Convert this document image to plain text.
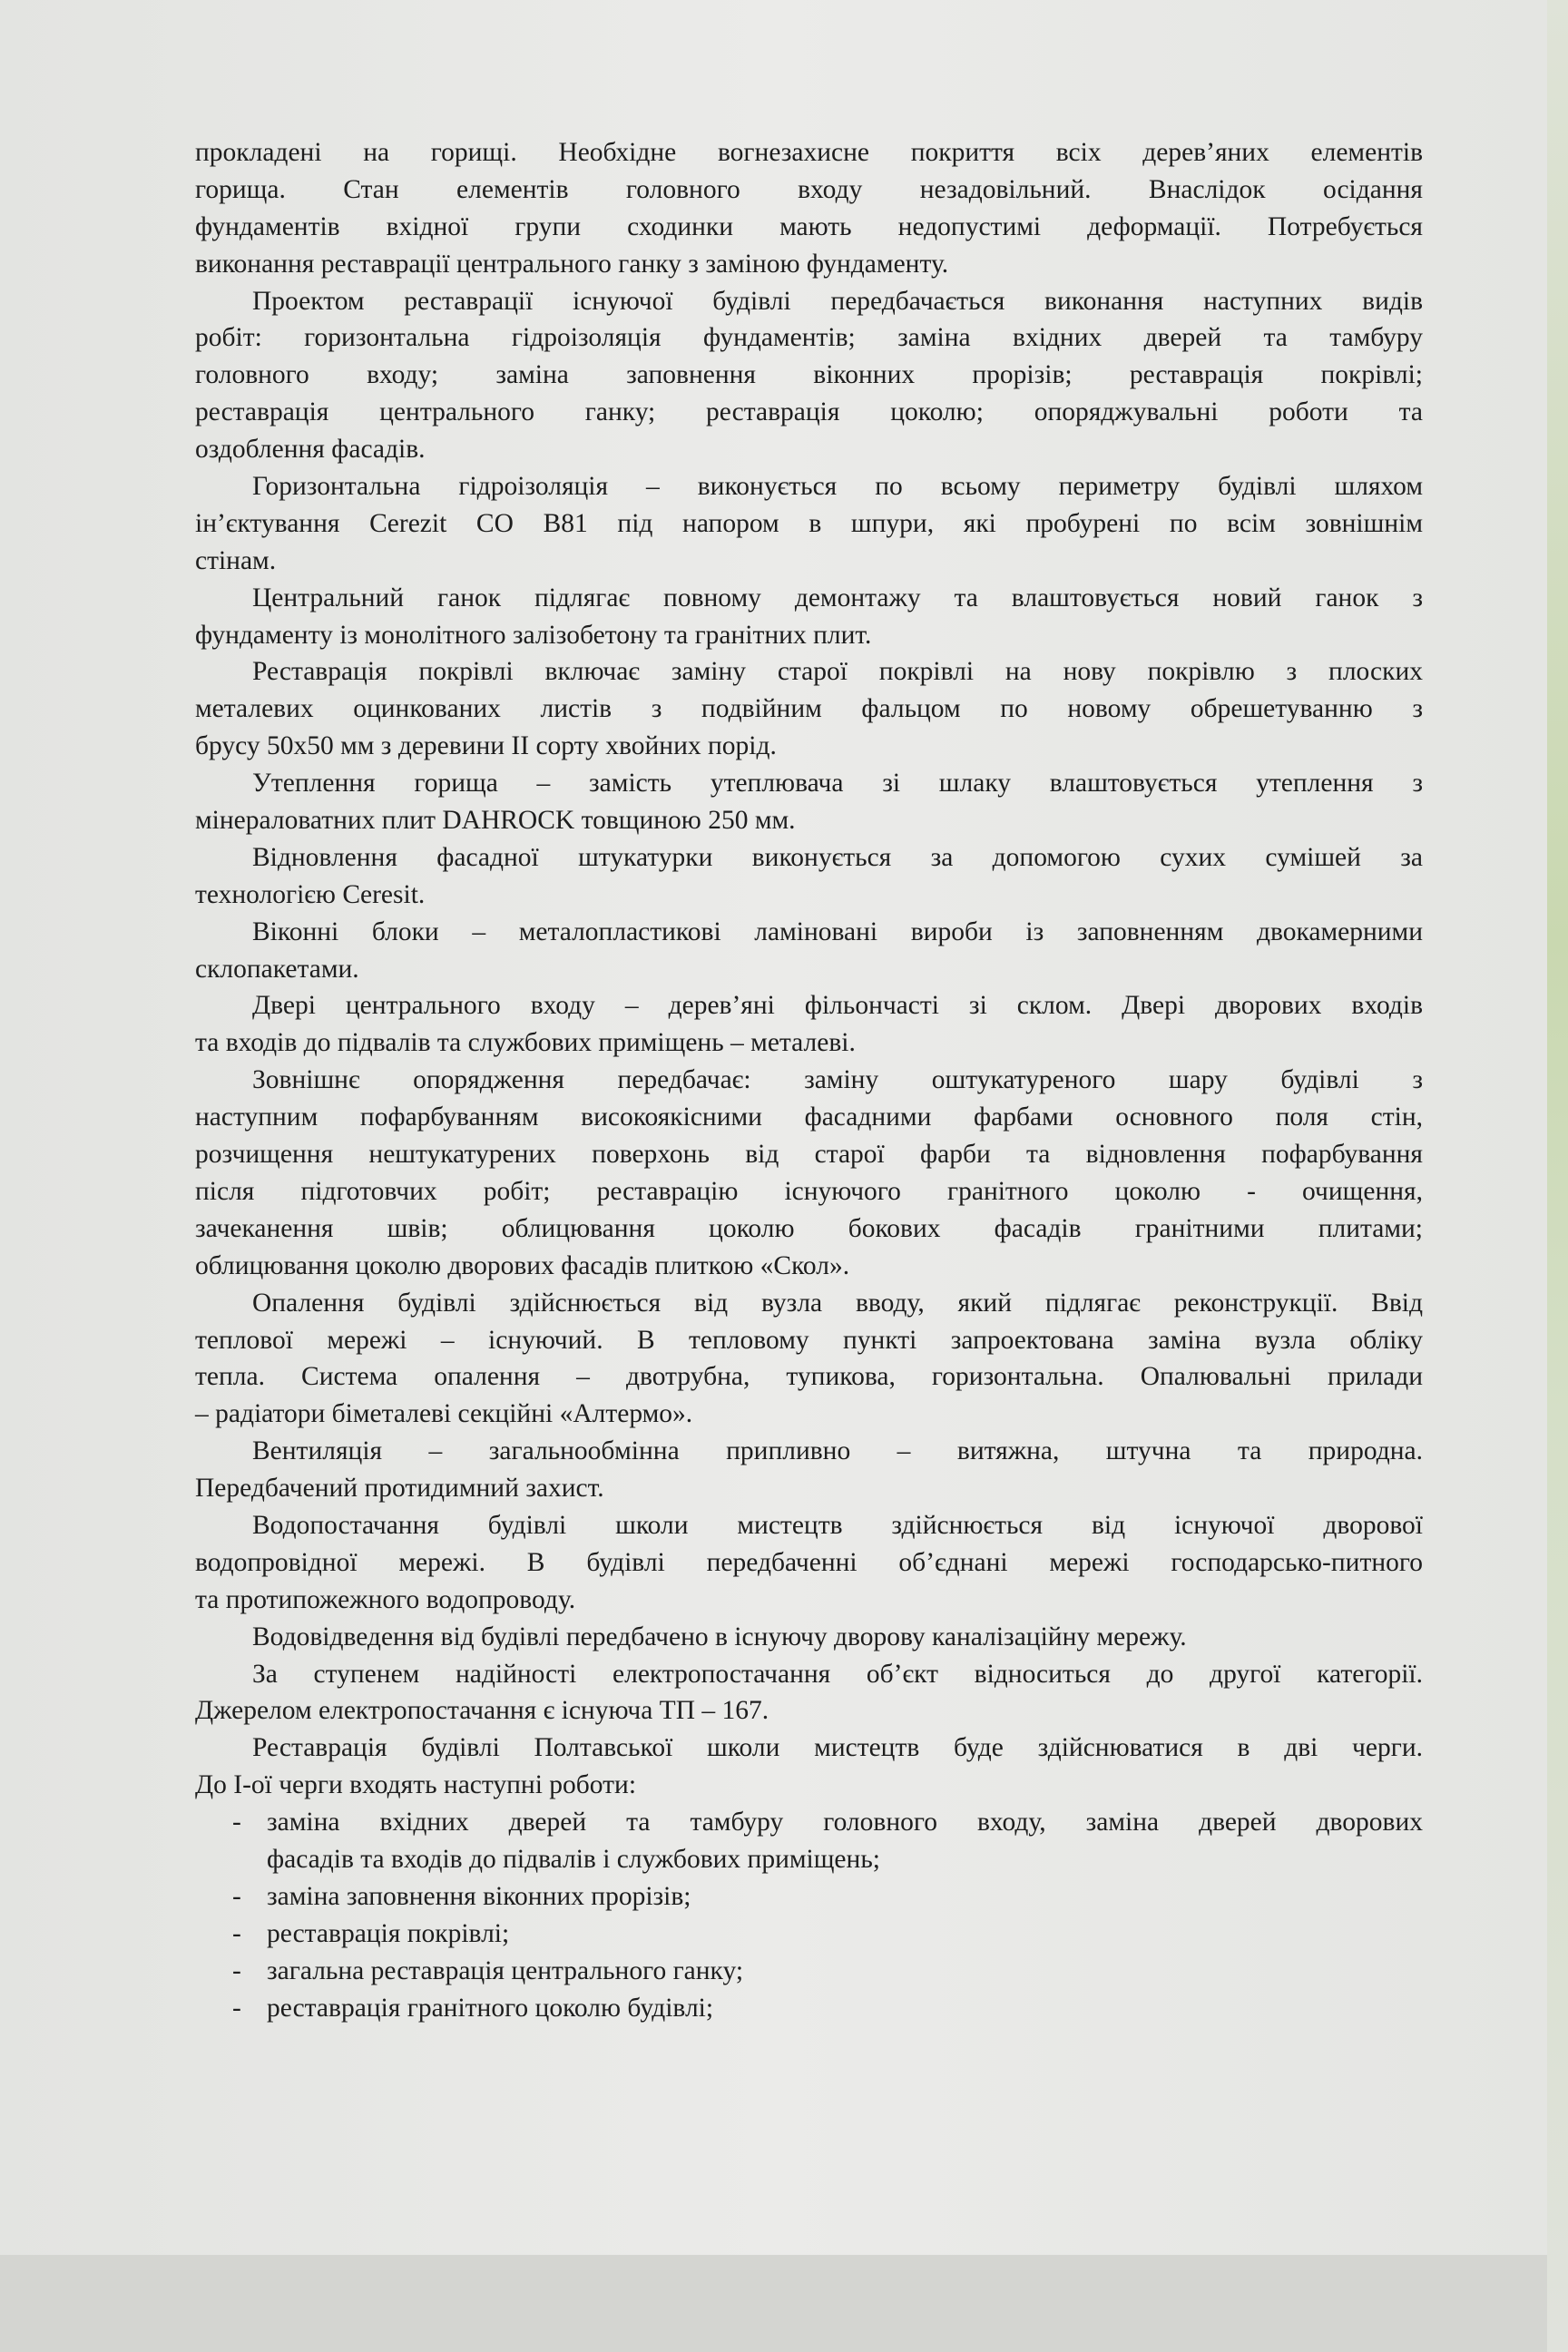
прокладені на горищі. Необхідне вогнезахисне покриття всіх дерев’яних елементів
горища. Стан елементів головного входу незадовільний. Внаслідок осідання
фундаментів вхідної групи сходинки мають недопустимі деформації. Потребується
виконання реставрації центрального ганку з заміною фундаменту.
Проектом реставрації існуючої будівлі передбачається виконання наступних видів
робіт: горизонтальна гідроізоляція фундаментів; заміна вхідних дверей та тамбуру
головного входу; заміна заповнення віконних прорізів; реставрація покрівлі;
реставрація центрального ганку; реставрація цоколю; опоряджувальні роботи та
оздоблення фасадів.
Горизонтальна гідроізоляція – виконується по всьому периметру будівлі шляхом
ін’єктування Cerezit CO B81 під напором в шпури, які пробурені по всім зовнішнім
стінам.
Центральний ганок підлягає повному демонтажу та влаштовується новий ганок з
фундаменту із монолітного залізобетону та гранітних плит.
Реставрація покрівлі включає заміну старої покрівлі на нову покрівлю з плоских
металевих оцинкованих листів з подвійним фальцом по новому обрешетуванню з
брусу 50х50 мм з деревини II сорту хвойних порід.
Утеплення горища – замість утеплювача зі шлаку влаштовується утеплення з
мінераловатних плит DAHROCK товщиною 250 мм.
Відновлення фасадної штукатурки виконується за допомогою сухих сумішей за
технологією Ceresit.
Віконні блоки – металопластикові ламіновані вироби із заповненням двокамерними
склопакетами.
Двері центрального входу – дерев’яні фільончасті зі склом. Двері дворових входів
та входів до підвалів та службових приміщень – металеві.
Зовнішнє опорядження передбачає: заміну оштукатуреного шару будівлі з
наступним пофарбуванням високоякісними фасадними фарбами основного поля стін,
розчищення нештукатурених поверхонь від старої фарби та відновлення пофарбування
після підготовчих робіт; реставрацію існуючого гранітного цоколю - очищення,
зачеканення швів; облицювання цоколю бокових фасадів гранітними плитами;
облицювання цоколю дворових фасадів плиткою «Скол».
Опалення будівлі здійснюється від вузла вводу, який підлягає реконструкції. Ввід
теплової мережі – існуючий. В тепловому пункті запроектована заміна вузла обліку
тепла. Система опалення – двотрубна, тупикова, горизонтальна. Опалювальні прилади
– радіатори біметалеві секційні «Алтермо».
Вентиляція – загальнообмінна припливно – витяжна, штучна та природна.
Передбачений протидимний захист.
Водопостачання будівлі школи мистецтв здійснюється від існуючої дворової
водопровідної мережі. В будівлі передбаченні об’єднані мережі господарсько-питного
та протипожежного водопроводу.
Водовідведення від будівлі передбачено в існуючу дворову каналізаційну мережу.
За ступенем надійності електропостачання об’єкт відноситься до другої категорії.
Джерелом електропостачання є існуюча ТП – 167.
Реставрація будівлі Полтавської школи мистецтв буде здійснюватися в дві черги.
До І-ої черги входять наступні роботи:
- заміна вхідних дверей та тамбуру головного входу, заміна дверей дворових
фасадів та входів до підвалів і службових приміщень;
- заміна заповнення віконних прорізів;
- реставрація покрівлі;
- загальна реставрація центрального ганку;
- реставрація гранітного цоколю будівлі;
